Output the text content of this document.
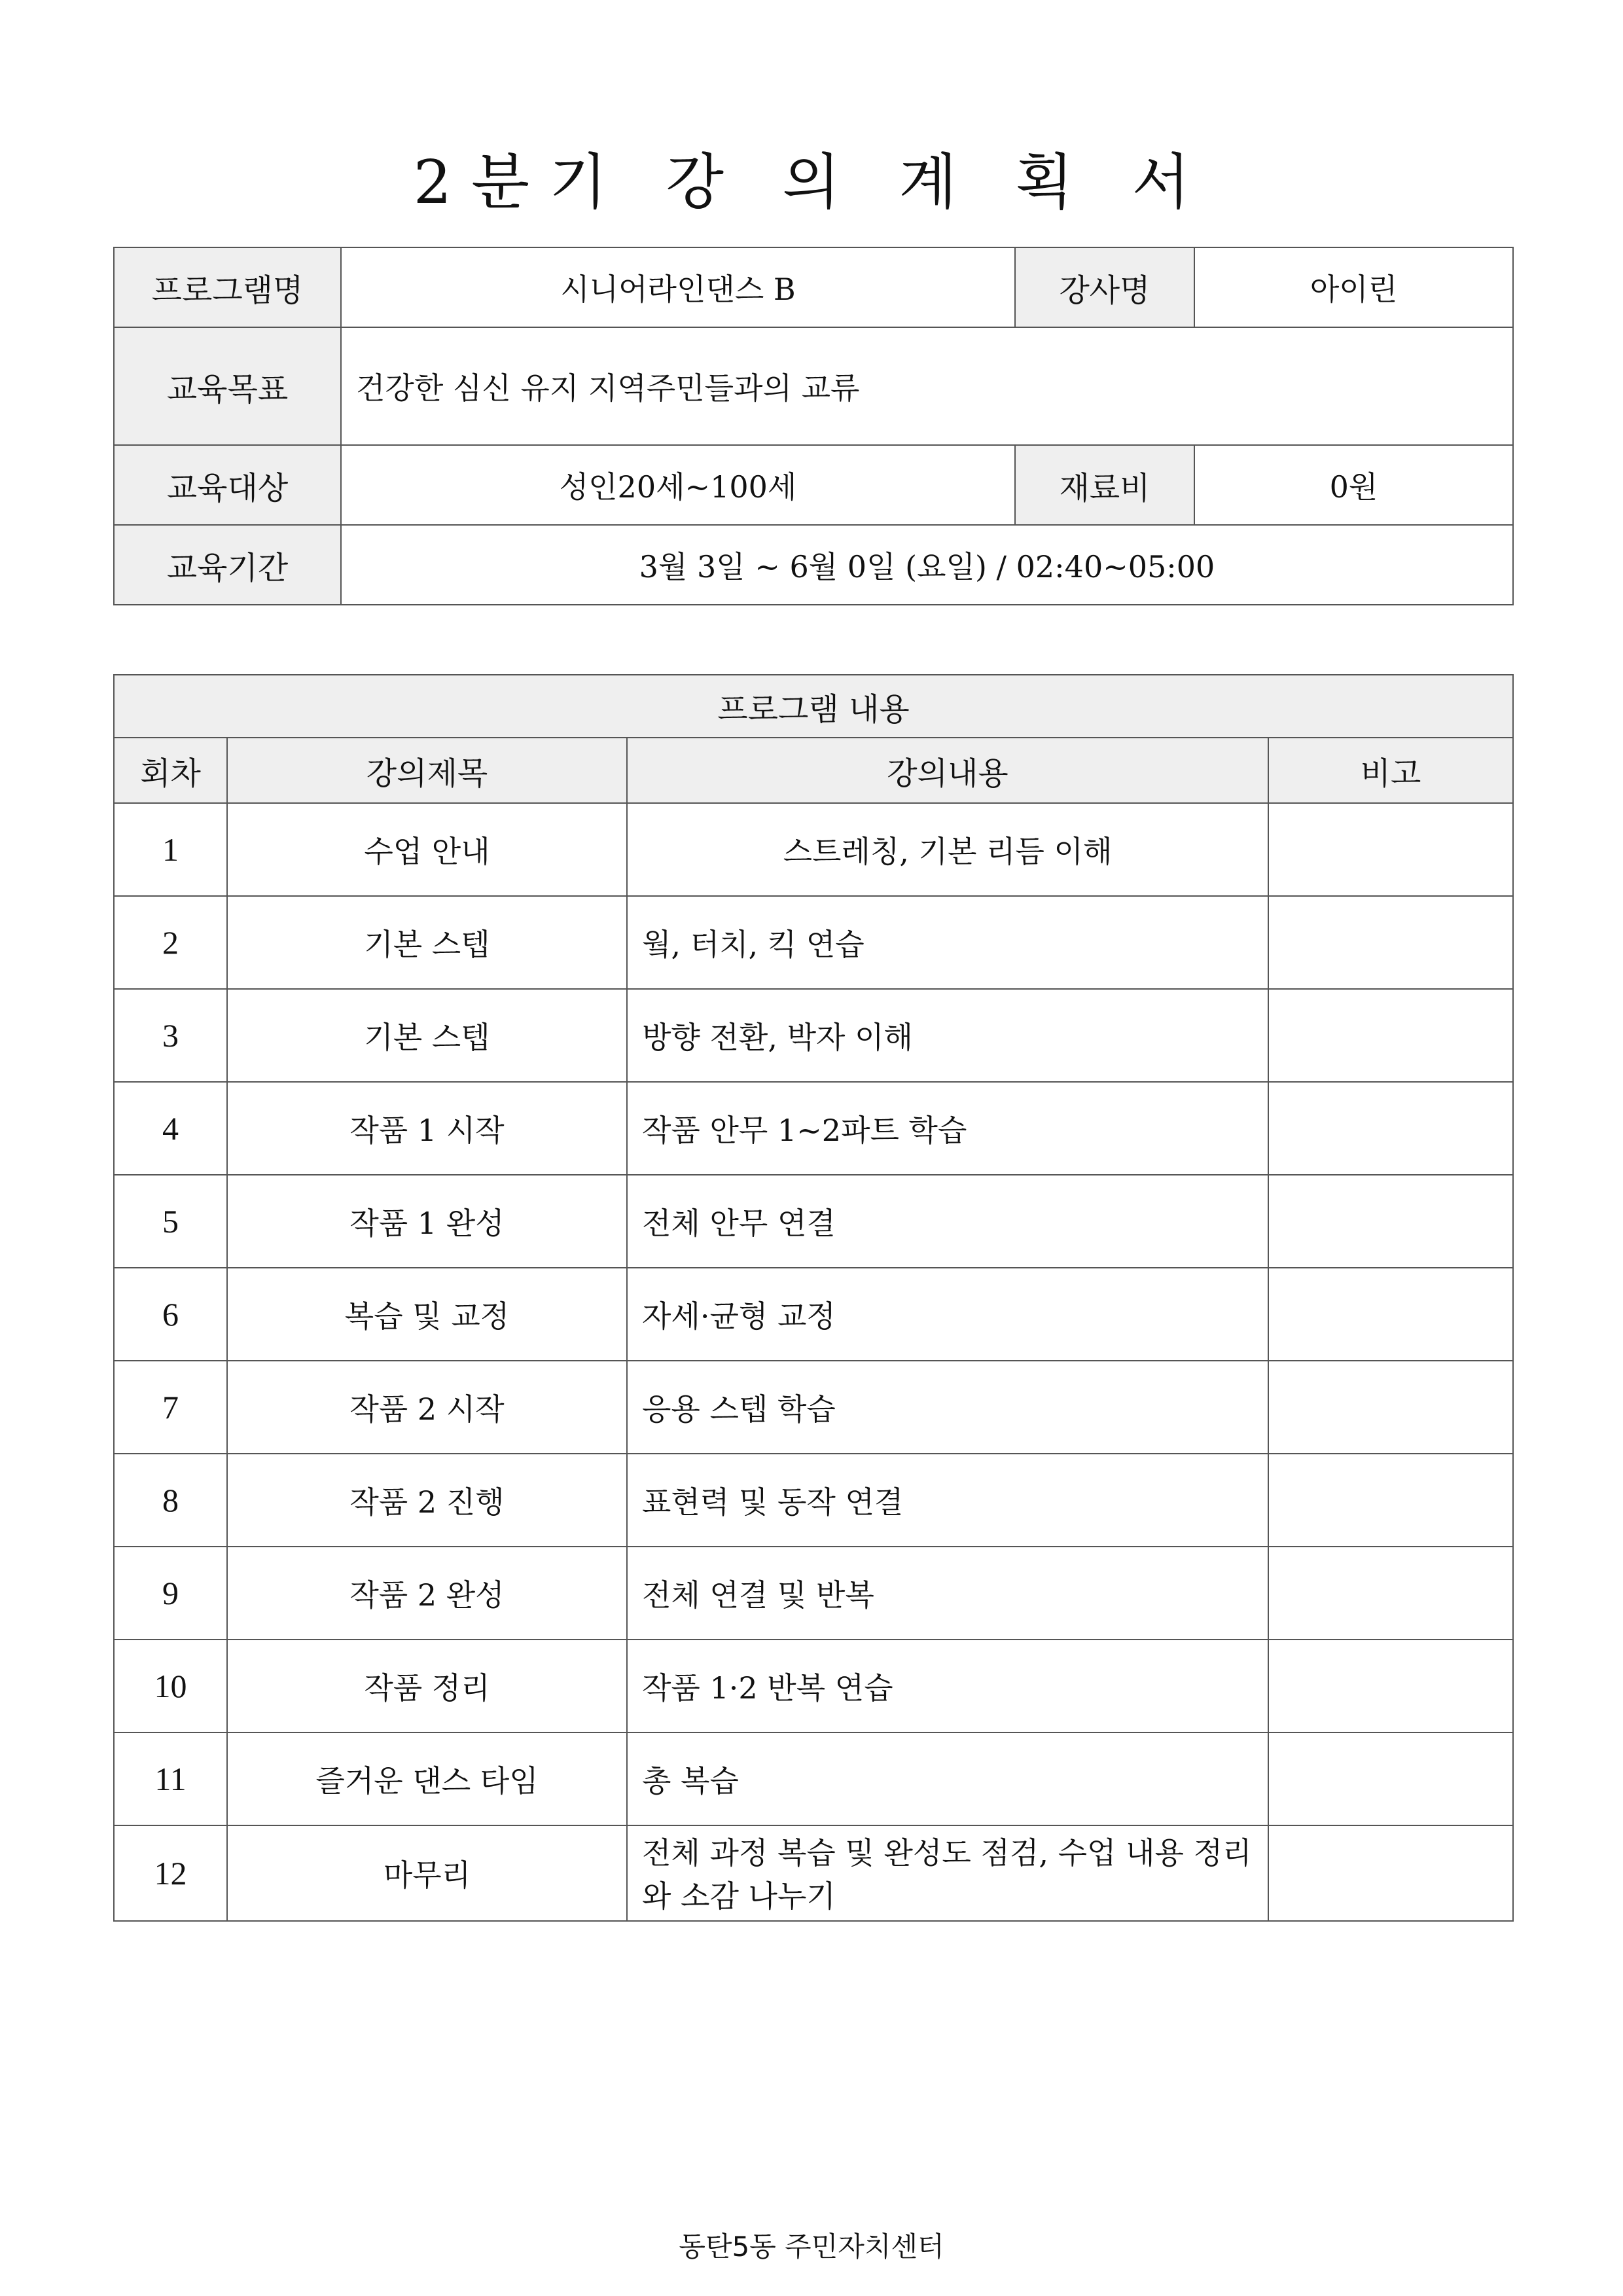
2분기 강 의 계 획 서
프로그램명	시니어라인댄스 B	강사명	아이린
교육목표	건강한 심신 유지 지역주민들과의 교류		
교육대상	성인20세~100세	재료비	0원
교육기간	3월 3일 ~ 6월 0일 (요일) / 02:40~05:00		
프로그램 내용			
회차	강의제목	강의내용	비고
1	수업 안내	스트레칭, 기본 리듬 이해	
2	기본 스텝	웤, 터치, 킥 연습	
3	기본 스텝	방향 전환, 박자 이해	
4	작품 1 시작	작품 안무 1~2파트 학습	
5	작품 1 완성	전체 안무 연결	
6	복습 및 교정	자세·균형 교정	
7	작품 2 시작	응용 스텝 학습	
8	작품 2 진행	표현력 및 동작 연결	
9	작품 2 완성	전체 연결 및 반복	
10	작품 정리	작품 1·2 반복 연습	
11	즐거운 댄스 타임	총 복습	
12	마무리	전체 과정 복습 및 완성도 점검, 수업 내용 정리와 소감 나누기	
동탄5동 주민자치센터
